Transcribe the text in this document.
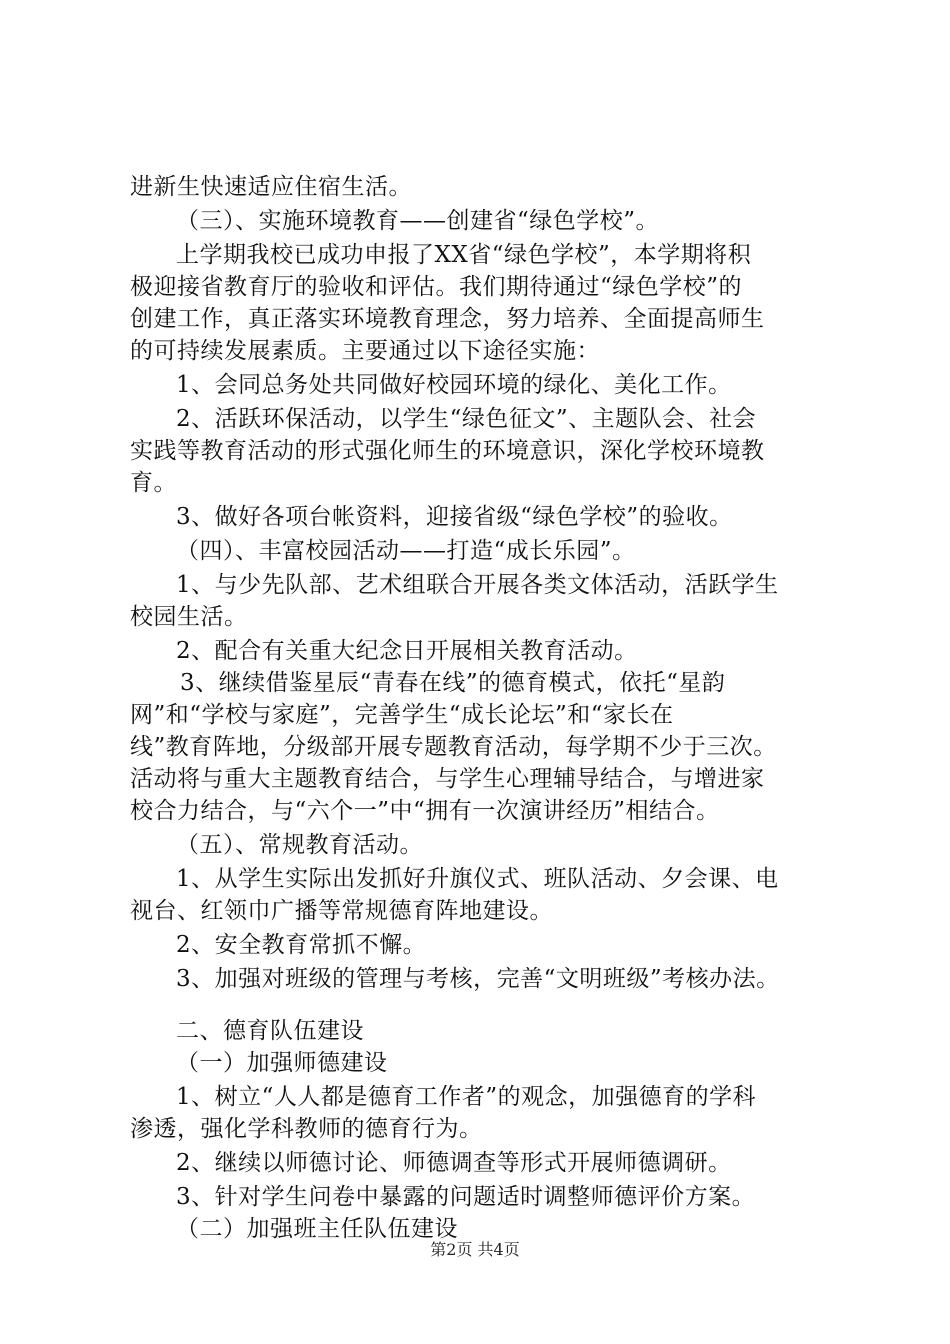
进新生快速适应住宿生活。
（三）、实施环境教育——创建省“绿色学校”。
上学期我校已成功申报了XX省“绿色学校”，本学期将积
极迎接省教育厅的验收和评估。我们期待通过“绿色学校”的
创建工作，真正落实环境教育理念，努力培养、全面提高师生
的可持续发展素质。主要通过以下途径实施：
1、会同总务处共同做好校园环境的绿化、美化工作。
2、活跃环保活动，以学生“绿色征文”、主题队会、社会
实践等教育活动的形式强化师生的环境意识，深化学校环境教
育。
3、做好各项台帐资料，迎接省级“绿色学校”的验收。
（四）、丰富校园活动——打造“成长乐园”。
1、与少先队部、艺术组联合开展各类文体活动，活跃学生
校园生活。
2、配合有关重大纪念日开展相关教育活动。
3、继续借鉴星辰“青春在线”的德育模式，依托“星韵
网”和“学校与家庭”，完善学生“成长论坛”和“家长在
线”教育阵地，分级部开展专题教育活动，每学期不少于三次。
活动将与重大主题教育结合，与学生心理辅导结合，与增进家
校合力结合，与“六个一”中“拥有一次演讲经历”相结合。
（五）、常规教育活动。
1、从学生实际出发抓好升旗仪式、班队活动、夕会课、电
视台、红领巾广播等常规德育阵地建设。
2、安全教育常抓不懈。
3、加强对班级的管理与考核，完善“文明班级”考核办法。
二、德育队伍建设
（一）加强师德建设
1、树立“人人都是德育工作者”的观念，加强德育的学科
渗透，强化学科教师的德育行为。
2、继续以师德讨论、师德调查等形式开展师德调研。
3、针对学生问卷中暴露的问题适时调整师德评价方案。
（二）加强班主任队伍建设
第2页 共4页
